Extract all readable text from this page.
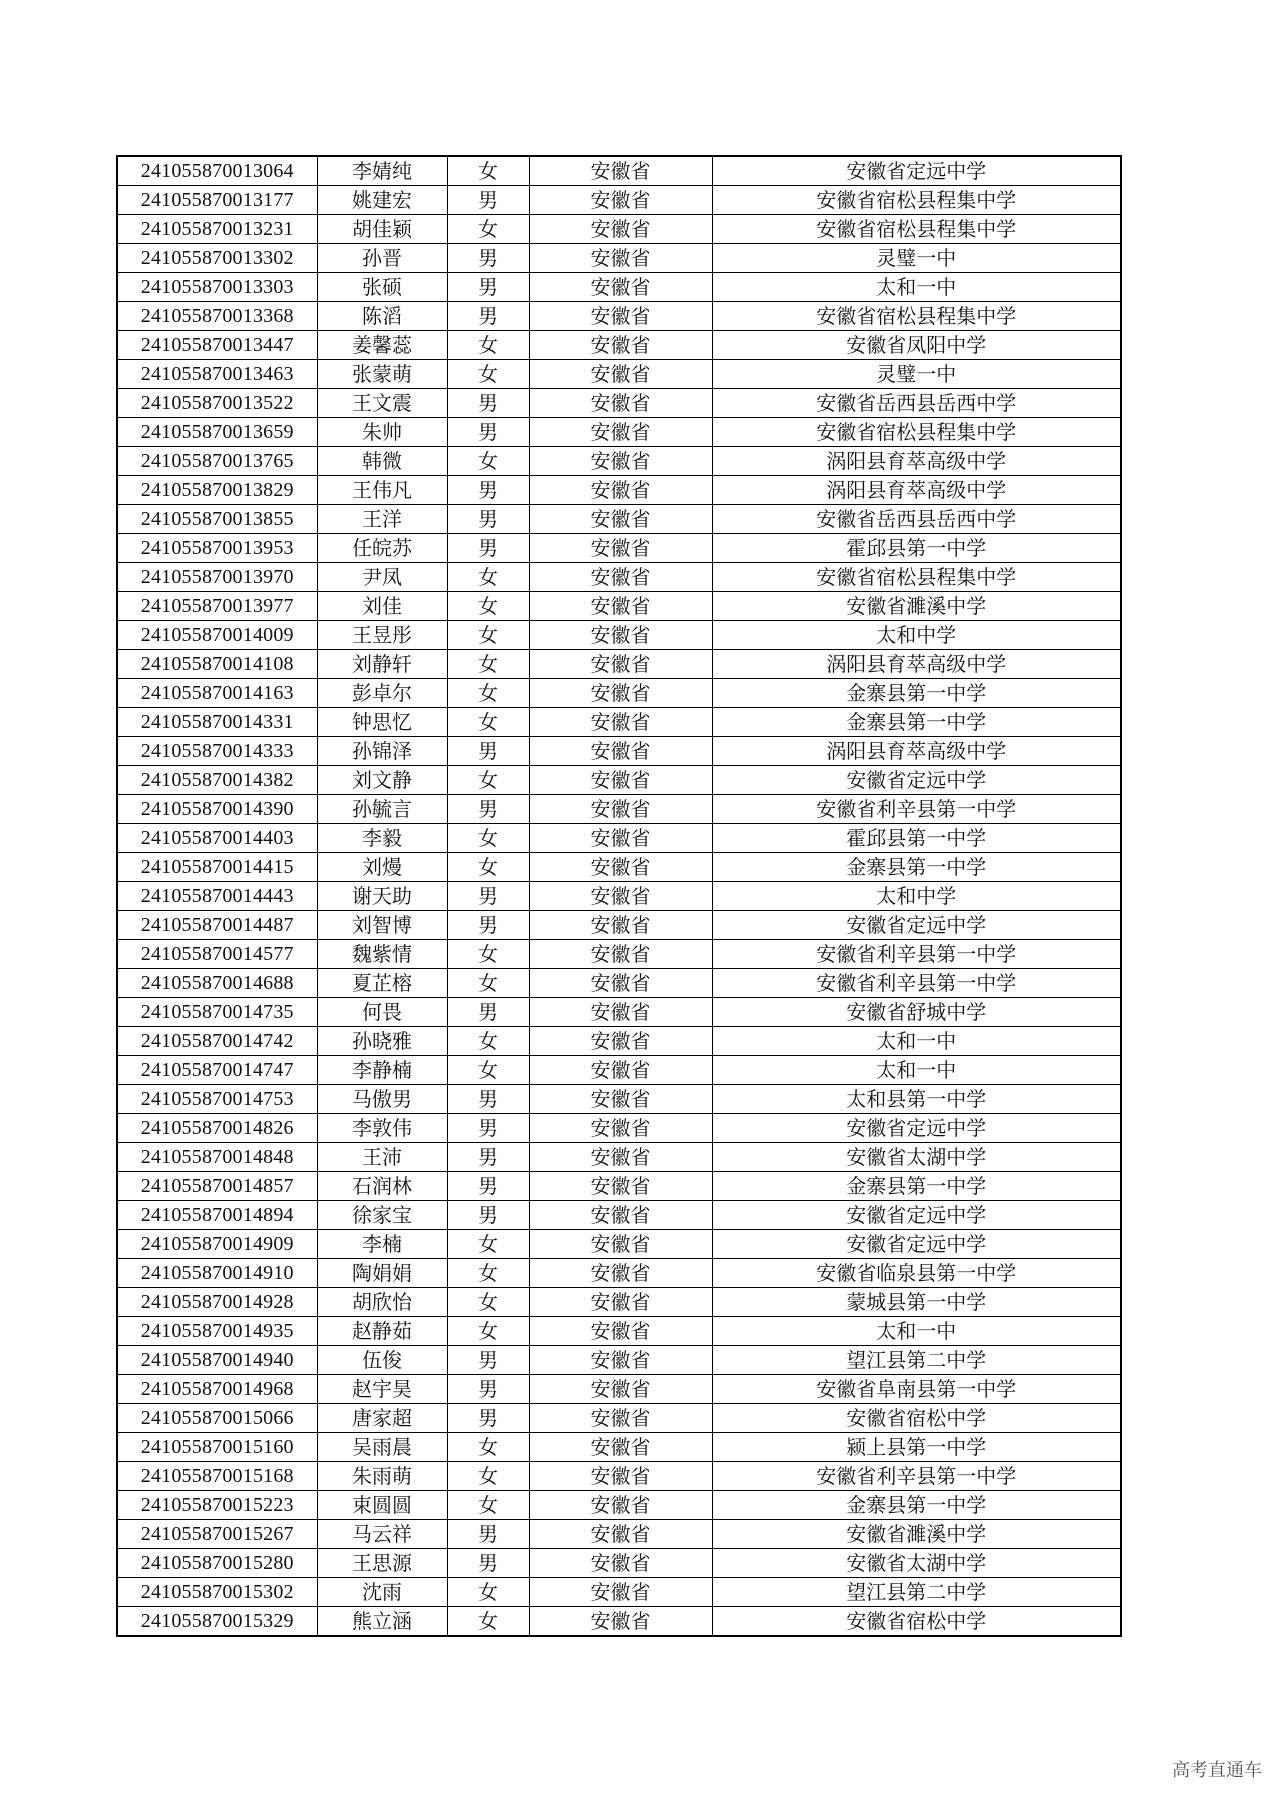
241055870013064	李婧纯	女	安徽省	安徽省定远中学
241055870013177	姚建宏	男	安徽省	安徽省宿松县程集中学
241055870013231	胡佳颖	女	安徽省	安徽省宿松县程集中学
241055870013302	孙晋	男	安徽省	灵璧一中
241055870013303	张硕	男	安徽省	太和一中
241055870013368	陈滔	男	安徽省	安徽省宿松县程集中学
241055870013447	姜馨蕊	女	安徽省	安徽省凤阳中学
241055870013463	张蒙萌	女	安徽省	灵璧一中
241055870013522	王文震	男	安徽省	安徽省岳西县岳西中学
241055870013659	朱帅	男	安徽省	安徽省宿松县程集中学
241055870013765	韩微	女	安徽省	涡阳县育萃高级中学
241055870013829	王伟凡	男	安徽省	涡阳县育萃高级中学
241055870013855	王洋	男	安徽省	安徽省岳西县岳西中学
241055870013953	任皖苏	男	安徽省	霍邱县第一中学
241055870013970	尹凤	女	安徽省	安徽省宿松县程集中学
241055870013977	刘佳	女	安徽省	安徽省濉溪中学
241055870014009	王昱彤	女	安徽省	太和中学
241055870014108	刘静轩	女	安徽省	涡阳县育萃高级中学
241055870014163	彭卓尔	女	安徽省	金寨县第一中学
241055870014331	钟思忆	女	安徽省	金寨县第一中学
241055870014333	孙锦泽	男	安徽省	涡阳县育萃高级中学
241055870014382	刘文静	女	安徽省	安徽省定远中学
241055870014390	孙毓言	男	安徽省	安徽省利辛县第一中学
241055870014403	李毅	女	安徽省	霍邱县第一中学
241055870014415	刘熳	女	安徽省	金寨县第一中学
241055870014443	谢天助	男	安徽省	太和中学
241055870014487	刘智博	男	安徽省	安徽省定远中学
241055870014577	魏紫情	女	安徽省	安徽省利辛县第一中学
241055870014688	夏芷榕	女	安徽省	安徽省利辛县第一中学
241055870014735	何畏	男	安徽省	安徽省舒城中学
241055870014742	孙晓雅	女	安徽省	太和一中
241055870014747	李静楠	女	安徽省	太和一中
241055870014753	马傲男	男	安徽省	太和县第一中学
241055870014826	李敦伟	男	安徽省	安徽省定远中学
241055870014848	王沛	男	安徽省	安徽省太湖中学
241055870014857	石润林	男	安徽省	金寨县第一中学
241055870014894	徐家宝	男	安徽省	安徽省定远中学
241055870014909	李楠	女	安徽省	安徽省定远中学
241055870014910	陶娟娟	女	安徽省	安徽省临泉县第一中学
241055870014928	胡欣怡	女	安徽省	蒙城县第一中学
241055870014935	赵静茹	女	安徽省	太和一中
241055870014940	伍俊	男	安徽省	望江县第二中学
241055870014968	赵宇昊	男	安徽省	安徽省阜南县第一中学
241055870015066	唐家超	男	安徽省	安徽省宿松中学
241055870015160	吴雨晨	女	安徽省	颍上县第一中学
241055870015168	朱雨萌	女	安徽省	安徽省利辛县第一中学
241055870015223	束圆圆	女	安徽省	金寨县第一中学
241055870015267	马云祥	男	安徽省	安徽省濉溪中学
241055870015280	王思源	男	安徽省	安徽省太湖中学
241055870015302	沈雨	女	安徽省	望江县第二中学
241055870015329	熊立涵	女	安徽省	安徽省宿松中学
高考直通车
